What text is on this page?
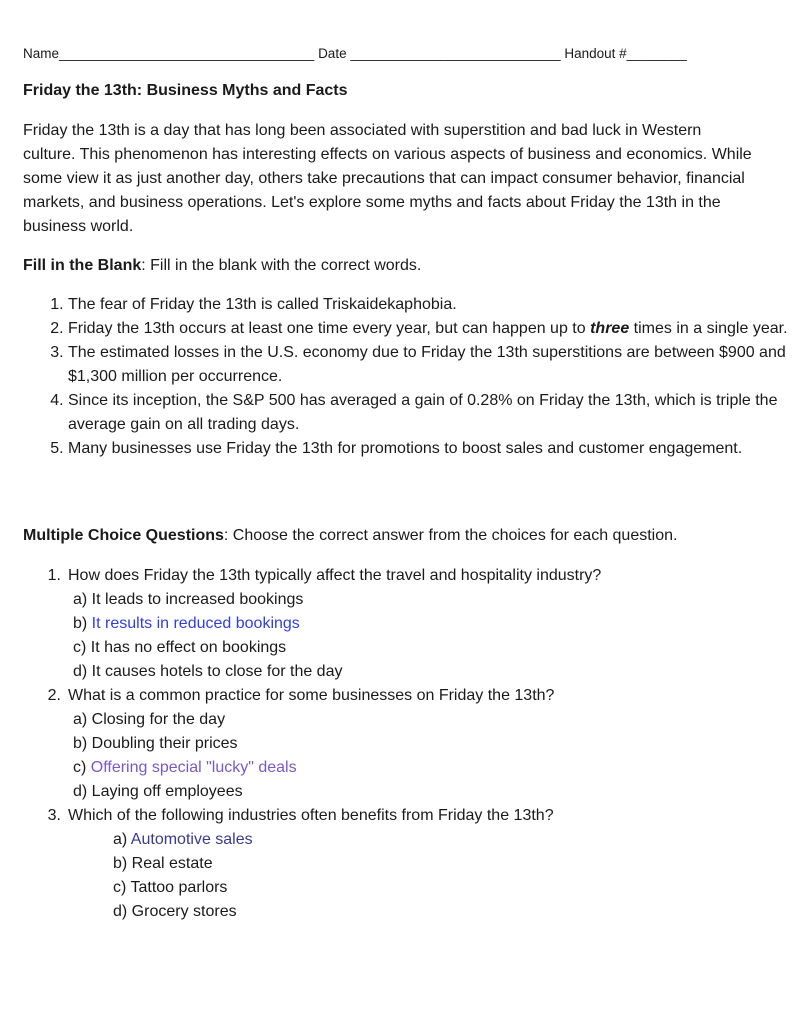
Name__________________________________ Date ____________________________ Handout #________
Friday the 13th: Business Myths and Facts

Friday the 13th is a day that has long been associated with superstition and bad luck in Western culture. This phenomenon has interesting effects on various aspects of business and economics. While some view it as just another day, others take precautions that can impact consumer behavior, financial markets, and business operations. Let's explore some myths and facts about Friday the 13th in the business world.

Fill in the Blank: Fill in the blank with the correct words.
1. The fear of Friday the 13th is called Triskaidekaphobia.
2. Friday the 13th occurs at least one time every year, but can happen up to three times in a single year.
3. The estimated losses in the U.S. economy due to Friday the 13th superstitions are between $900 and $1,300 million per occurrence.
4. Since its inception, the S&P 500 has averaged a gain of 0.28% on Friday the 13th, which is triple the average gain on all trading days.
5. Many businesses use Friday the 13th for promotions to boost sales and customer engagement.
Multiple Choice Questions: Choose the correct answer from the choices for each question.
1. How does Friday the 13th typically affect the travel and hospitality industry?
a) It leads to increased bookings
b) It results in reduced bookings
c) It has no effect on bookings
d) It causes hotels to close for the day
2. What is a common practice for some businesses on Friday the 13th?
a) Closing for the day
b) Doubling their prices
c) Offering special "lucky" deals
d) Laying off employees
3. Which of the following industries often benefits from Friday the 13th?
a) Automotive sales
b) Real estate
c) Tattoo parlors
d) Grocery stores
